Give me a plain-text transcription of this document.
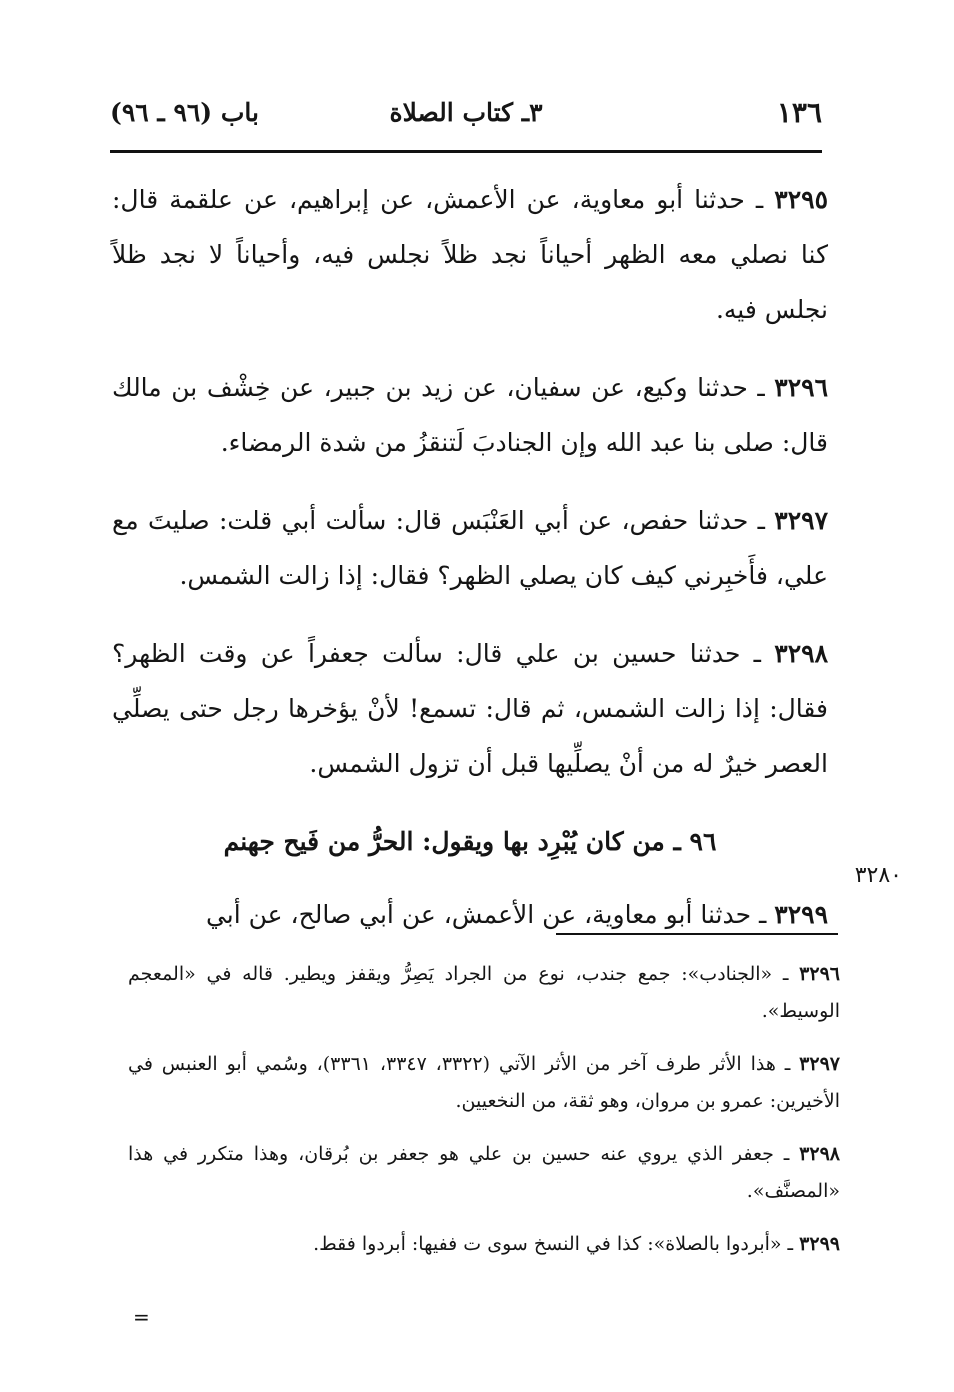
١٣٦
٣ـ كتاب الصلاة
باب (٩٦ ـ ٩٦)

٣٢٩٥ ـ حدثنا أبو معاوية، عن الأعمش، عن إبراهيم، عن علقمة قال: كنا نصلي معه الظهر أحياناً نجد ظلاً نجلس فيه، وأحياناً لا نجد ظلاً نجلس فيه.

٣٢٩٦ ـ حدثنا وكيع، عن سفيان، عن زيد بن جبير، عن خِشْف بن مالك قال: صلى بنا عبد الله وإن الجنادبَ لَتنقزُ من شدة الرمضاء.

٣٢٩٧ ـ حدثنا حفص، عن أبي العَنْبَس قال: سألت أبي قلت: صليتَ مع علي، فأَخبِرني كيف كان يصلي الظهر؟ فقال: إذا زالت الشمس.

٣٢٩٨ ـ حدثنا حسين بن علي قال: سألت جعفراً عن وقت الظهر؟ فقال: إذا زالت الشمس، ثم قال: تسمع! لأنْ يؤخرها رجل حتى يصلِّي العصر خيرٌ له من أنْ يصلِّيها قبل أن تزول الشمس.

٩٦ ـ من كان يُبْرِد بها ويقول: الحرُّ من فَيح جهنم

٣٢٩٩ ـ حدثنا أبو معاوية، عن الأعمش، عن أبي صالح، عن أبي

٣٢٨٠

٣٢٩٦ ـ «الجنادب»: جمع جندب، نوع من الجراد يَصِرُّ ويقفز ويطير. قاله في «المعجم الوسيط».

٣٢٩٧ ـ هذا الأثر طرف آخر من الأثر الآتي (٣٣٢٢، ٣٣٤٧، ٣٣٦١)، وسُمي أبو العنبس في الأخيرين: عمرو بن مروان، وهو ثقة، من النخعيين.

٣٢٩٨ ـ جعفر الذي يروي عنه حسين بن علي هو جعفر بن بُرقان، وهذا متكرر في هذا «المصنَّف».

٣٢٩٩ ـ «أبردوا بالصلاة»: كذا في النسخ سوى ت ففيها: أبردوا فقط.

=
